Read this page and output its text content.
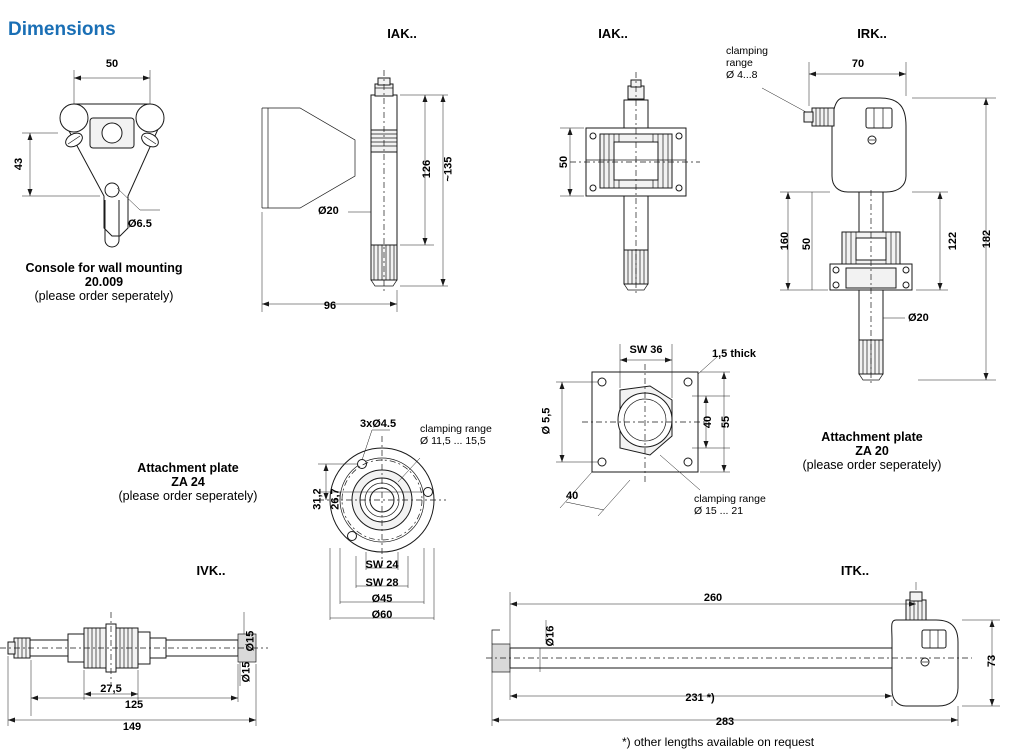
Dimensions	IAK..	IAK..	IRK..
IVK..	ITK..
50
43
Ø6.5
126 ~135
Ø20
96
50
clamping
range
Ø 4...8
70
160 50	122 182
Ø20
SW 36	1,5 thick
Ø 5,5	40 55
40	clamping range
Ø 15 ... 21
3xØ4.5 clamping range
Ø 11,5 ... 15,5
31,2 26,7
SW 24
SW 28
Ø45
Ø60
27,5
125
149
Ø15
Ø15
260
231 *)
283
73
Ø16
Console for wall mounting
20.009
(please order seperately)
Attachment plate
ZA 24
(please order seperately)
Attachment plate
ZA 20
(please order seperately)
*) other lengths available on request
